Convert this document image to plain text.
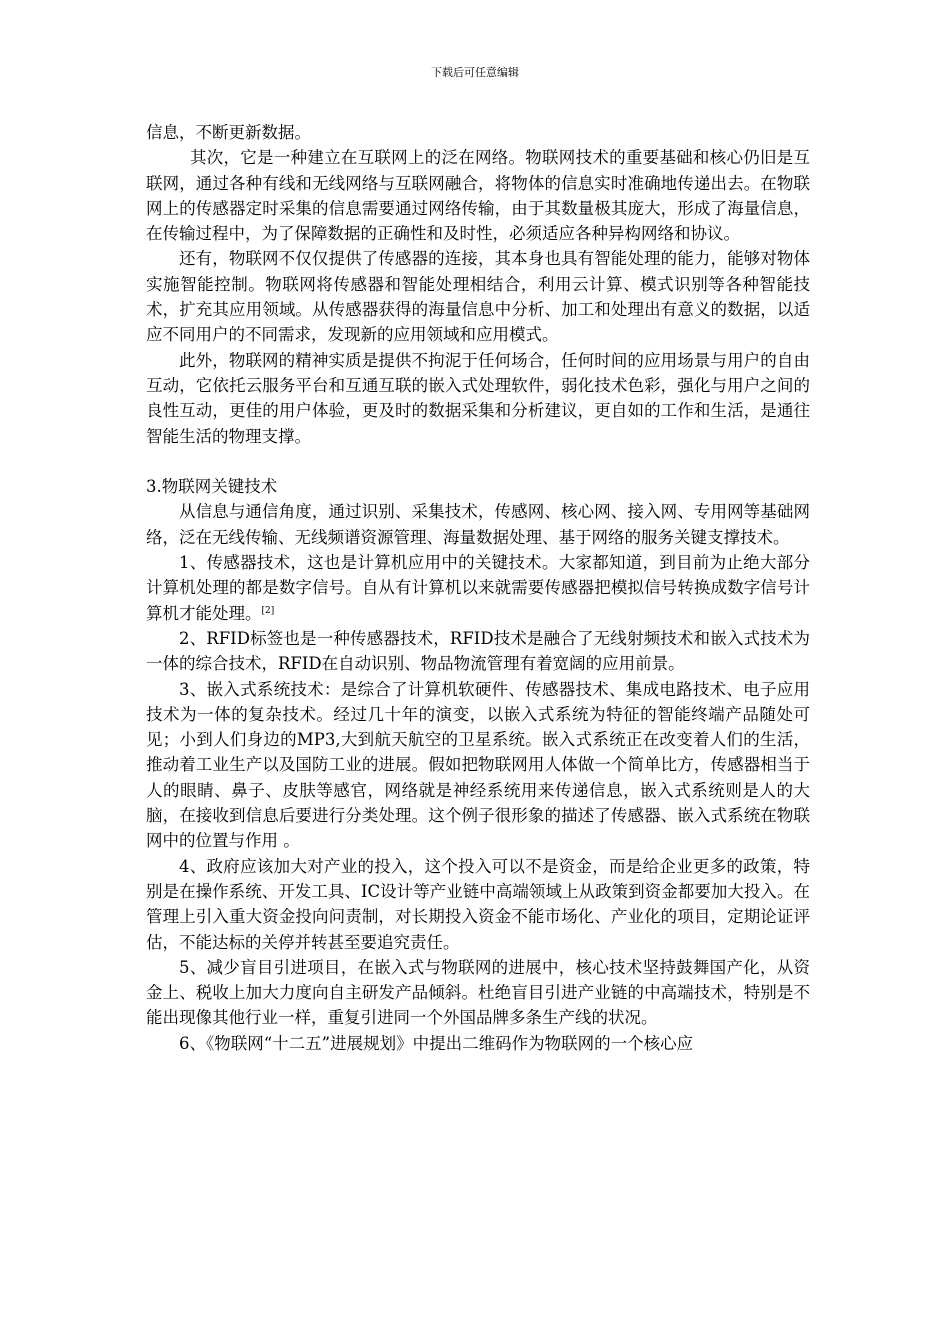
下载后可任意编辑

信息，不断更新数据。

其次，它是一种建立在互联网上的泛在网络。物联网技术的重要基础和核心仍旧是互联网，通过各种有线和无线网络与互联网融合，将物体的信息实时准确地传递出去。在物联网上的传感器定时采集的信息需要通过网络传输，由于其数量极其庞大，形成了海量信息，在传输过程中，为了保障数据的正确性和及时性，必须适应各种异构网络和协议。

还有，物联网不仅仅提供了传感器的连接，其本身也具有智能处理的能力，能够对物体实施智能控制。物联网将传感器和智能处理相结合，利用云计算、模式识别等各种智能技术，扩充其应用领域。从传感器获得的海量信息中分析、加工和处理出有意义的数据，以适应不同用户的不同需求，发现新的应用领域和应用模式。

此外，物联网的精神实质是提供不拘泥于任何场合，任何时间的应用场景与用户的自由互动，它依托云服务平台和互通互联的嵌入式处理软件，弱化技术色彩，强化与用户之间的良性互动，更佳的用户体验，更及时的数据采集和分析建议，更自如的工作和生活，是通往智能生活的物理支撑。

3.物联网关键技术

从信息与通信角度，通过识别、采集技术，传感网、核心网、接入网、专用网等基础网络，泛在无线传输、无线频谱资源管理、海量数据处理、基于网络的服务关键支撑技术。

1、传感器技术，这也是计算机应用中的关键技术。大家都知道，到目前为止绝大部分计算机处理的都是数字信号。自从有计算机以来就需要传感器把模拟信号转换成数字信号计算机才能处理。[2]

2、RFID标签也是一种传感器技术，RFID技术是融合了无线射频技术和嵌入式技术为一体的综合技术，RFID在自动识别、物品物流管理有着宽阔的应用前景。

3、嵌入式系统技术：是综合了计算机软硬件、传感器技术、集成电路技术、电子应用技术为一体的复杂技术。经过几十年的演变，以嵌入式系统为特征的智能终端产品随处可见；小到人们身边的MP3,大到航天航空的卫星系统。嵌入式系统正在改变着人们的生活，推动着工业生产以及国防工业的进展。假如把物联网用人体做一个简单比方，传感器相当于人的眼睛、鼻子、皮肤等感官，网络就是神经系统用来传递信息，嵌入式系统则是人的大脑，在接收到信息后要进行分类处理。这个例子很形象的描述了传感器、嵌入式系统在物联网中的位置与作用 。

4、政府应该加大对产业的投入，这个投入可以不是资金，而是给企业更多的政策，特别是在操作系统、开发工具、IC设计等产业链中高端领域上从政策到资金都要加大投入。在管理上引入重大资金投向问责制，对长期投入资金不能市场化、产业化的项目，定期论证评估，不能达标的关停并转甚至要追究责任。

5、减少盲目引进项目，在嵌入式与物联网的进展中，核心技术坚持鼓舞国产化，从资金上、税收上加大力度向自主研发产品倾斜。杜绝盲目引进产业链的中高端技术，特别是不能出现像其他行业一样，重复引进同一个外国品牌多条生产线的状况。

6、《物联网“十二五”进展规划》中提出二维码作为物联网的一个核心应
